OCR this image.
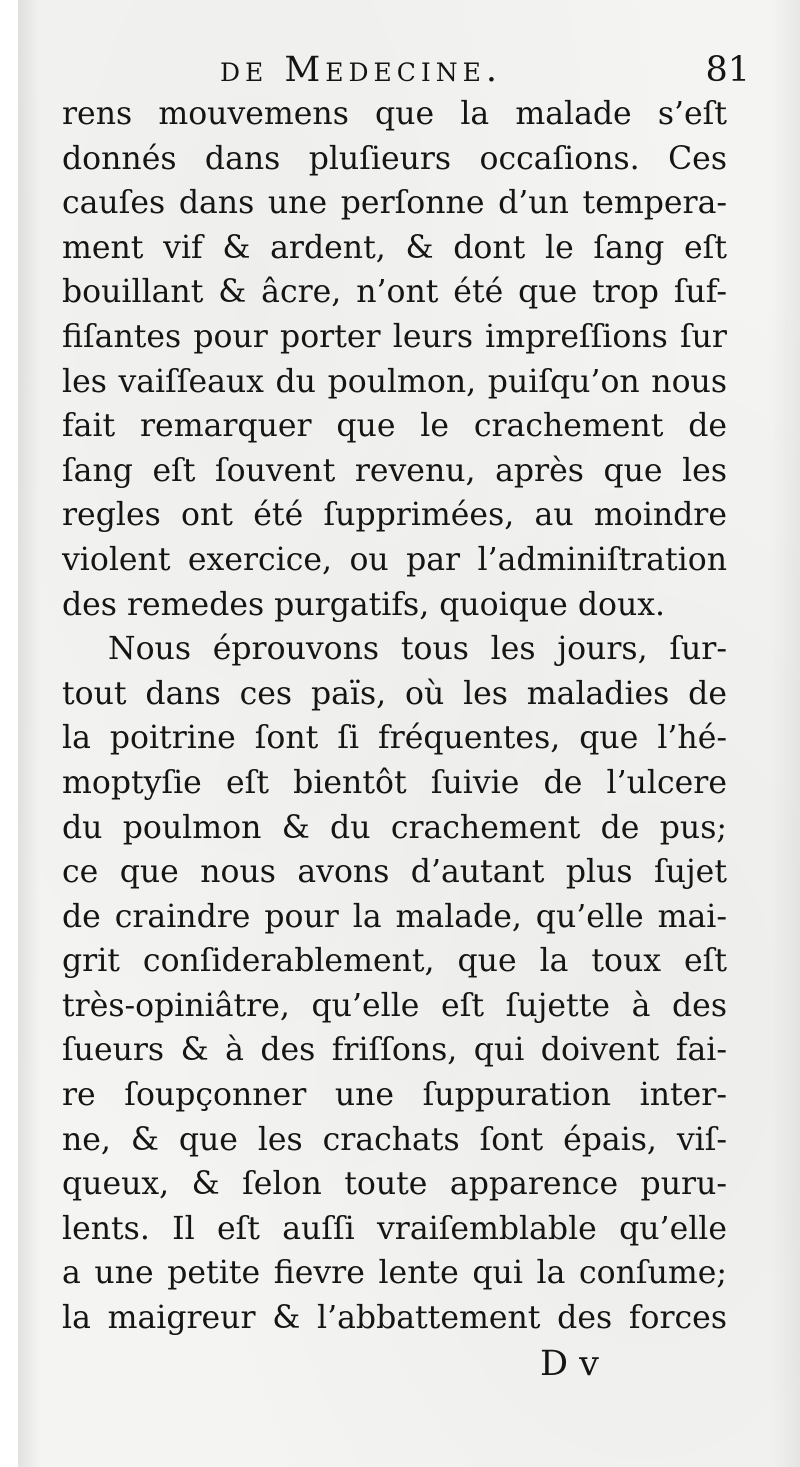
de Medecine.	81
rens mouvemens que la malade s’eſt
donnés dans pluſieurs occaſions. Ces
cauſes dans une perſonne d’un tempera-
ment vif & ardent, & dont le ſang eſt
bouillant & âcre, n’ont été que trop ſuf-
fiſantes pour porter leurs impreſſions ſur
les vaiſſeaux du poulmon, puiſqu’on nous
fait remarquer que le crachement de
ſang eſt ſouvent revenu, après que les
regles ont été ſupprimées, au moindre
violent exercice, ou par l’adminiſtration
des remedes purgatifs, quoique doux.
Nous éprouvons tous les jours, ſur-
tout dans ces païs, où les maladies de
la poitrine ſont ſi fréquentes, que l’hé-
moptyſie eſt bientôt ſuivie de l’ulcere
du poulmon & du crachement de pus;
ce que nous avons d’autant plus ſujet
de craindre pour la malade, qu’elle mai-
grit conſiderablement, que la toux eſt
très-opiniâtre, qu’elle eſt ſujette à des
ſueurs & à des friſſons, qui doivent fai-
re ſoupçonner une ſuppuration inter-
ne, & que les crachats ſont épais, viſ-
queux, & ſelon toute apparence puru-
lents. Il eſt auſſi vraiſemblable qu’elle
a une petite fievre lente qui la conſume;
la maigreur & l’abbattement des forces
D v
